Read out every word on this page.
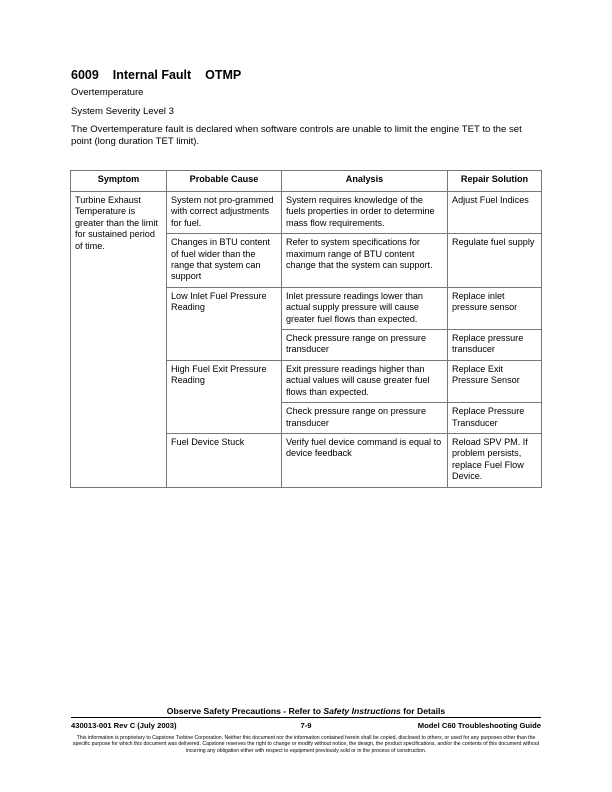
6009 Internal Fault OTMP
Overtemperature
System Severity Level 3
The Overtemperature fault is declared when software controls are unable to limit the engine TET to the set point (long duration TET limit).
Symptom	Probable Cause	Analysis	Repair Solution
Turbine Exhaust Temperature is greater than the limit for sustained period of time.	System not pro-grammed with correct adjustments for fuel.	System requires knowledge of the fuels properties in order to determine mass flow requirements.	Adjust Fuel Indices
	Changes in BTU content of fuel wider than the range that system can support	Refer to system specifications for maximum range of BTU content change that the system can support.	Regulate fuel supply
	Low Inlet Fuel Pressure Reading	Inlet pressure readings lower than actual supply pressure will cause greater fuel flows than expected.	Replace inlet pressure sensor
		Check pressure range on pressure transducer	Replace pressure transducer
	High Fuel Exit Pressure Reading	Exit pressure readings higher than actual values will cause greater fuel flows than expected.	Replace Exit Pressure Sensor
		Check pressure range on pressure transducer	Replace Pressure Transducer
	Fuel Device Stuck	Verify fuel device command is equal to device feedback	Reload SPV PM. If problem persists, replace Fuel Flow Device.
Observe Safety Precautions - Refer to Safety Instructions for Details
430013-001 Rev C (July 2003)	7-9	Model C60 Troubleshooting Guide
This information is proprietary to Capstone Turbine Corporation. Neither this document nor the information contained herein shall be copied, disclosed to others, or used for any purposes other than the specific purpose for which this document was delivered. Capstone reserves the right to change or modify without notice, the design, the product specifications, and/or the contents of this document without incurring any obligation either with respect to equipment previously sold or in the process of construction.
